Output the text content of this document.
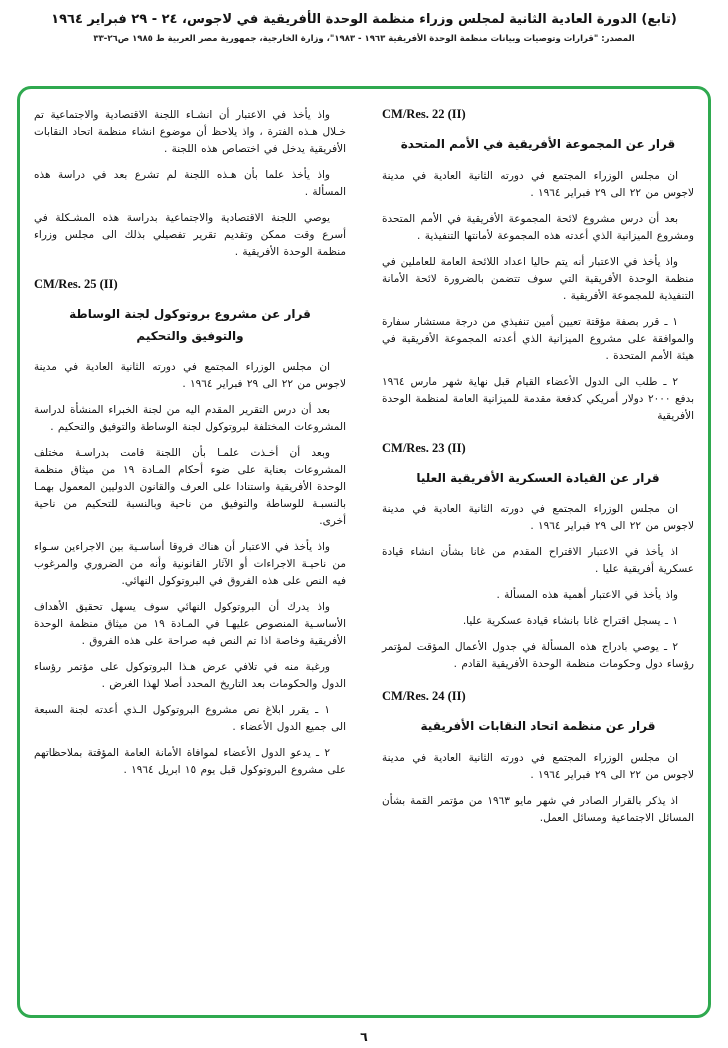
(تابع) الدورة العادية الثانية لمجلس وزراء منظمة الوحدة الأفريقية في لاجوس، ٢٤ - ٢٩ فبراير ١٩٦٤
المصدر: "قرارات وتوصيات وبيانات منظمة الوحدة الأفريقية ١٩٦٣ - ١٩٨٣"، وزارة الخارجية، جمهورية مصر العربية ط ١٩٨٥ ص٢٦-٣٣

واذ يأخذ في الاعتبار أن انشـاء اللجنة الاقتصادية والاجتماعية تم خـلال هـذه الفترة ، واذ يلاحظ أن موضوع انشاء منظمة اتحاد النقابات الأفريقية يدخل في اختصاص هذه اللجنة .

واذ يأخذ علما بأن هـذه اللجنة لم تشرع بعد في دراسة هذه المسألة .

يوصي اللجنة الاقتصادية والاجتماعية بدراسة هذه المشـكلة في أسرع وقت ممكن وتقديم تقرير تفصيلي بذلك الى مجلس وزراء منظمة الوحدة الأفريقية .

CM/Res. 25 (II)
قرار عن مشروع بروتوكول لجنة الوساطة والتوفيق والتحكيم

ان مجلس الوزراء المجتمع في دورته الثانية العادية في مدينة لاجوس من ٢٢ الى ٢٩ فبراير ١٩٦٤ .

بعد أن درس التقرير المقدم اليه من لجنة الخبراء المنشأة لدراسة المشروعات المختلفة لبروتوكول لجنة الوساطة والتوفيق والتحكيم .

وبعد أن أخـذت علمـا بأن اللجنة قامت بدراسـة مختلف المشروعات بعناية على ضوء أحكام المـادة ١٩ من ميثاق منظمة الوحدة الأفريقية واستنادا على العرف والقانون الدوليين المعمول بهمـا بالنسبـة للوساطة والتوفيق من ناحية وبالنسبة للتحكيم من ناحية أخرى.

واذ يأخذ في الاعتبار أن هناك فروقا أساسـية بين الاجراءين سـواء من ناحيـة الاجراءات أو الآثار القانونية وأنه من الضروري والمرغوب فيه النص على هذه الفروق في البروتوكول النهائي.

واذ يدرك أن البروتوكول النهائي سوف يسهل تحقيق الأهداف الأساسـية المنصوص عليهـا في المـادة ١٩ من ميثاق منظمة الوحدة الأفريقية وخاصة اذا تم النص فيه صراحة على هذه الفروق .

ورغبة منه في تلافي عرض هـذا البروتوكول على مؤتمر رؤساء الدول والحكومات بعد التاريخ المحدد أصلا لهذا الغرض .

١ ـ يقرر ابلاغ نص مشروع البروتوكول الـذي أعدته لجنة السبعة الى جميع الدول الأعضاء .

٢ ـ يدعو الدول الأعضاء لموافاة الأمانة العامة المؤقتة بملاحظاتهم على مشروع البروتوكول قبل يوم ١٥ ابريل ١٩٦٤ .

CM/Res. 22 (II)
قرار عن المجموعة الأفريقية في الأمم المتحدة

ان مجلس الوزراء المجتمع في دورته الثانية العادية في مدينة لاجوس من ٢٢ الى ٢٩ فبراير ١٩٦٤ .

بعد أن درس مشروع لائحة المجموعة الأفريقية في الأمم المتحدة ومشروع الميزانية الذي أعدته هذه المجموعة لأمانتها التنفيذية .

واذ يأخذ في الاعتبار أنه يتم حاليا اعداد اللائحة العامة للعاملين في منظمة الوحدة الأفريقية التي سوف تتضمن بالضرورة لائحة الأمانة التنفيذية للمجموعة الأفريقية .

١ ـ قرر بصفة مؤقتة تعيين أمين تنفيذي من درجة مستشار سفارة والموافقة على مشروع الميزانية الذي أعدته المجموعة الأفريقية في هيئة الأمم المتحدة .

٢ ـ طلب الى الدول الأعضاء القيام قبل نهاية شهر مارس ١٩٦٤ بدفع ٢٠٠٠ دولار أمريكي كدفعة مقدمة للميزانية العامة لمنظمة الوحدة الأفريقية

CM/Res. 23 (II)
قرار عن القيادة العسكرية الأفريقية العليا

ان مجلس الوزراء المجتمع في دورته الثانية العادية في مدينة لاجوس من ٢٢ الى ٢٩ فبراير ١٩٦٤ .

اذ يأخذ في الاعتبار الاقتراح المقدم من غانا بشأن انشاء قيادة عسكرية أفريقية عليا .

واذ يأخذ في الاعتبار أهمية هذه المسألة .

١ ـ يسجل اقتراح غانا بانشاء قيادة عسكرية عليا.

٢ ـ يوصي بادراج هذه المسألة في جدول الأعمال المؤقت لمؤتمر رؤساء دول وحكومات منظمة الوحدة الأفريقية القادم .

CM/Res. 24 (II)
قرار عن منظمة اتحاد النقابات الأفريقية

ان مجلس الوزراء المجتمع في دورته الثانية العادية في مدينة لاجوس من ٢٢ الى ٢٩ فبراير ١٩٦٤ .

اذ يذكر بالقرار الصادر في شهر مايو ١٩٦٣ من مؤتمر القمة بشأن المسائل الاجتماعية ومسائل العمل.

٦
